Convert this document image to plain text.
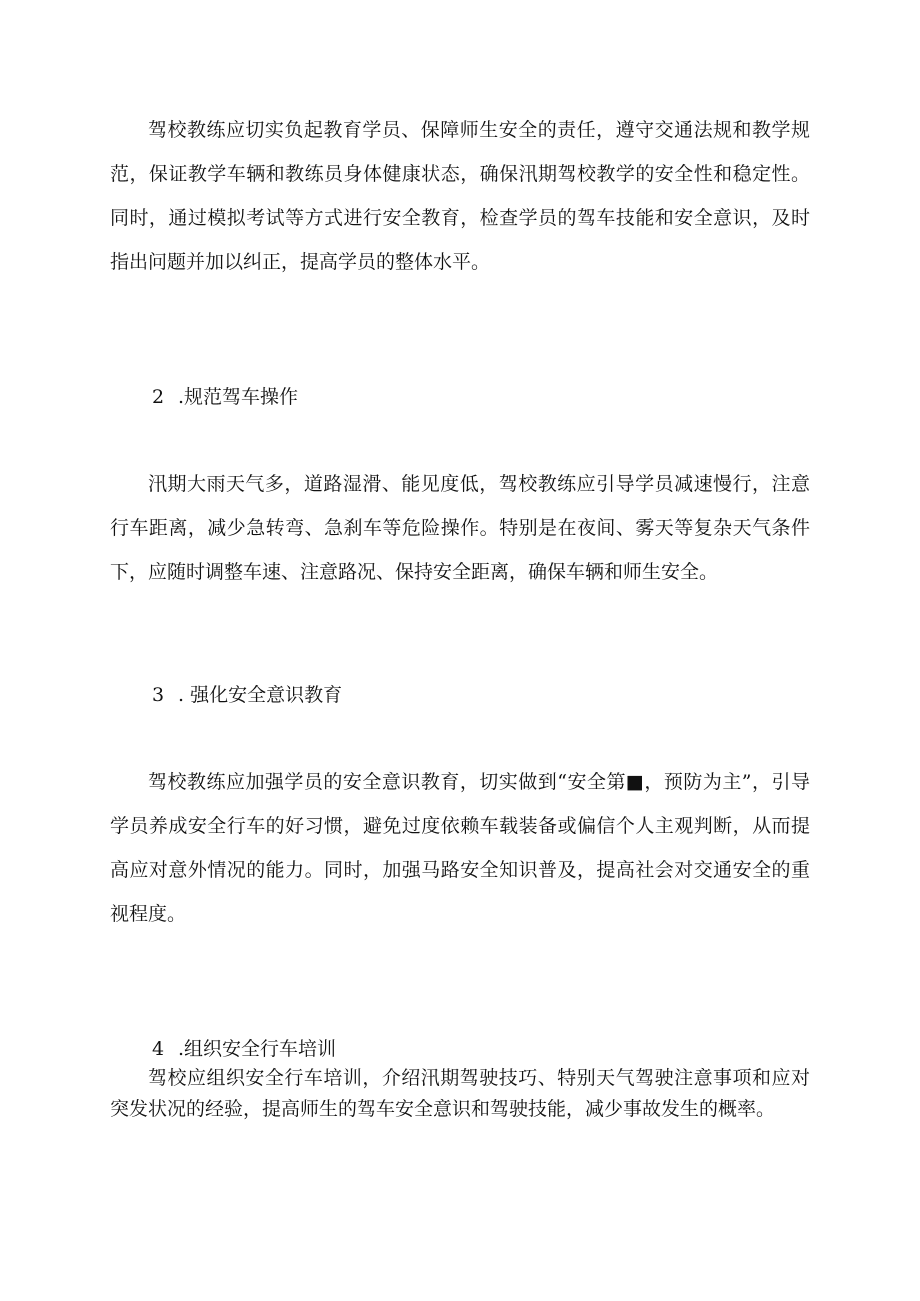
驾校教练应切实负起教育学员、保障师生安全的责任，遵守交通法规和教学规范，保证教学车辆和教练员身体健康状态，确保汛期驾校教学的安全性和稳定性。同时，通过模拟考试等方式进行安全教育，检查学员的驾车技能和安全意识，及时指出问题并加以纠正，提高学员的整体水平。

2 .规范驾车操作

汛期大雨天气多，道路湿滑、能见度低，驾校教练应引导学员减速慢行，注意行车距离，减少急转弯、急刹车等危险操作。特别是在夜间、雾天等复杂天气条件下，应随时调整车速、注意路况、保持安全距离，确保车辆和师生安全。

3 . 强化安全意识教育

驾校教练应加强学员的安全意识教育，切实做到“安全第■，预防为主”，引导学员养成安全行车的好习惯，避免过度依赖车载装备或偏信个人主观判断，从而提高应对意外情况的能力。同时，加强马路安全知识普及，提高社会对交通安全的重视程度。

4 .组织安全行车培训

驾校应组织安全行车培训，介绍汛期驾驶技巧、特别天气驾驶注意事项和应对突发状况的经验，提高师生的驾车安全意识和驾驶技能，减少事故发生的概率。
